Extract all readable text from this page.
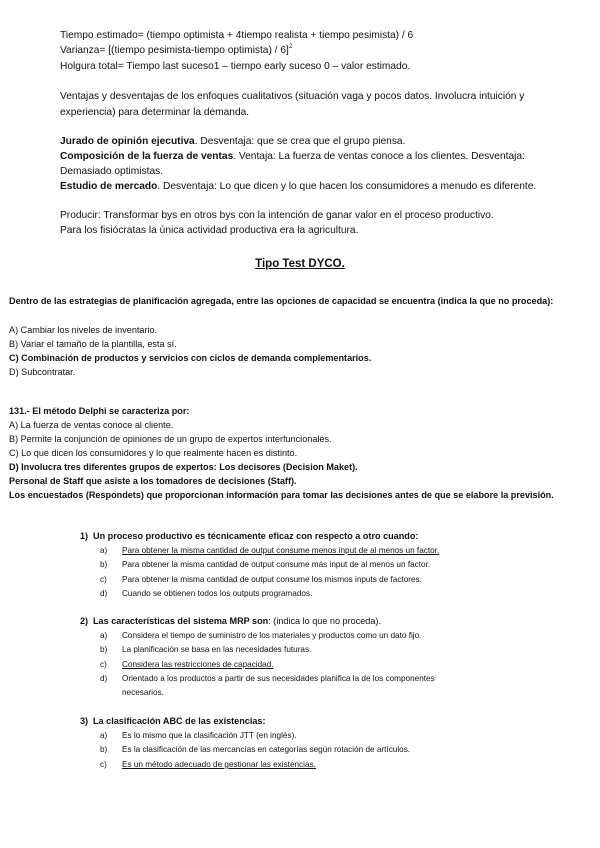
Tiempo estimado= (tiempo optimista + 4tiempo realista + tiempo pesimista) / 6
Varianza= [(tiempo pesimista-tiempo optimista) / 6]$^2$
Holgura total= Tiempo last suceso1 – tiempo early suceso 0 – valor estimado.
Ventajas y desventajas de los enfoques cualitativos (situación vaga y pocos datos. Involucra intuición y
experiencia) para determinar la demanda.
Jurado de opinión ejecutiva. Desventaja: que se crea que el grupo piensa.
Composición de la fuerza de ventas. Ventaja: La fuerza de ventas conoce a los clientes. Desventaja:
Demasiado optimistas.
Estudio de mercado. Desventaja: Lo que dicen y lo que hacen los consumidores a menudo es diferente.
Producir: Transformar bys en otros bys con la intención de ganar valor en el proceso productivo.
Para los fisiócratas la única actividad productiva era la agricultura.
Tipo Test DYCO.
Dentro de las estrategias de planificación agregada, entre las opciones de capacidad se encuentra (indica la que no proceda):
A) Cambiar los niveles de inventario.
B) Variar el tamaño de la plantilla, esta sí.
C) Combinación de productos y servicios con ciclos de demanda complementarios.
D) Subcontratar.
131.- El método Delphi se caracteriza por:
A) La fuerza de ventas conoce al cliente.
B) Permite la conjunción de opiniones de un grupo de expertos interfuncionales.
C) Lo que dicen los consumidores y lo que realmente hacen es distinto.
D) Involucra tres diferentes grupos de expertos: Los decisores (Decision Maket).
Personal de Staff que asiste a los tomadores de decisiones (Staff).
Los encuestados (Respondets) que proporcionan información para tomar las decisiones antes de que se elabore la previsión.
1) Un proceso productivo es técnicamente eficaz con respecto a otro cuando:
a) Para obtener la misma cantidad de output consume menos input de al menos un factor.
b) Para obtener la misma cantidad de output consume más input de al menos un factor.
c) Para obtener la misma cantidad de output consume los mismos inputs de factores.
d) Cuando se obtienen todos los outputs programados.
2) Las características del sistema MRP son: (indica lo que no proceda).
a) Considera el tiempo de suministro de los materiales y productos como un dato fijo.
b) La planificación se basa en las necesidades futuras.
c) Considera las restricciones de capacidad.
d) Orientado a los productos a partir de sus necesidades planifica la de los componentes
necesarios.
3) La clasificación ABC de las existencias:
a) Es lo mismo que la clasificación JTT (en inglés).
b) Es la clasificación de las mercancías en categorías según rotación de artículos.
c) Es un método adecuado de gestionar las existencias.
